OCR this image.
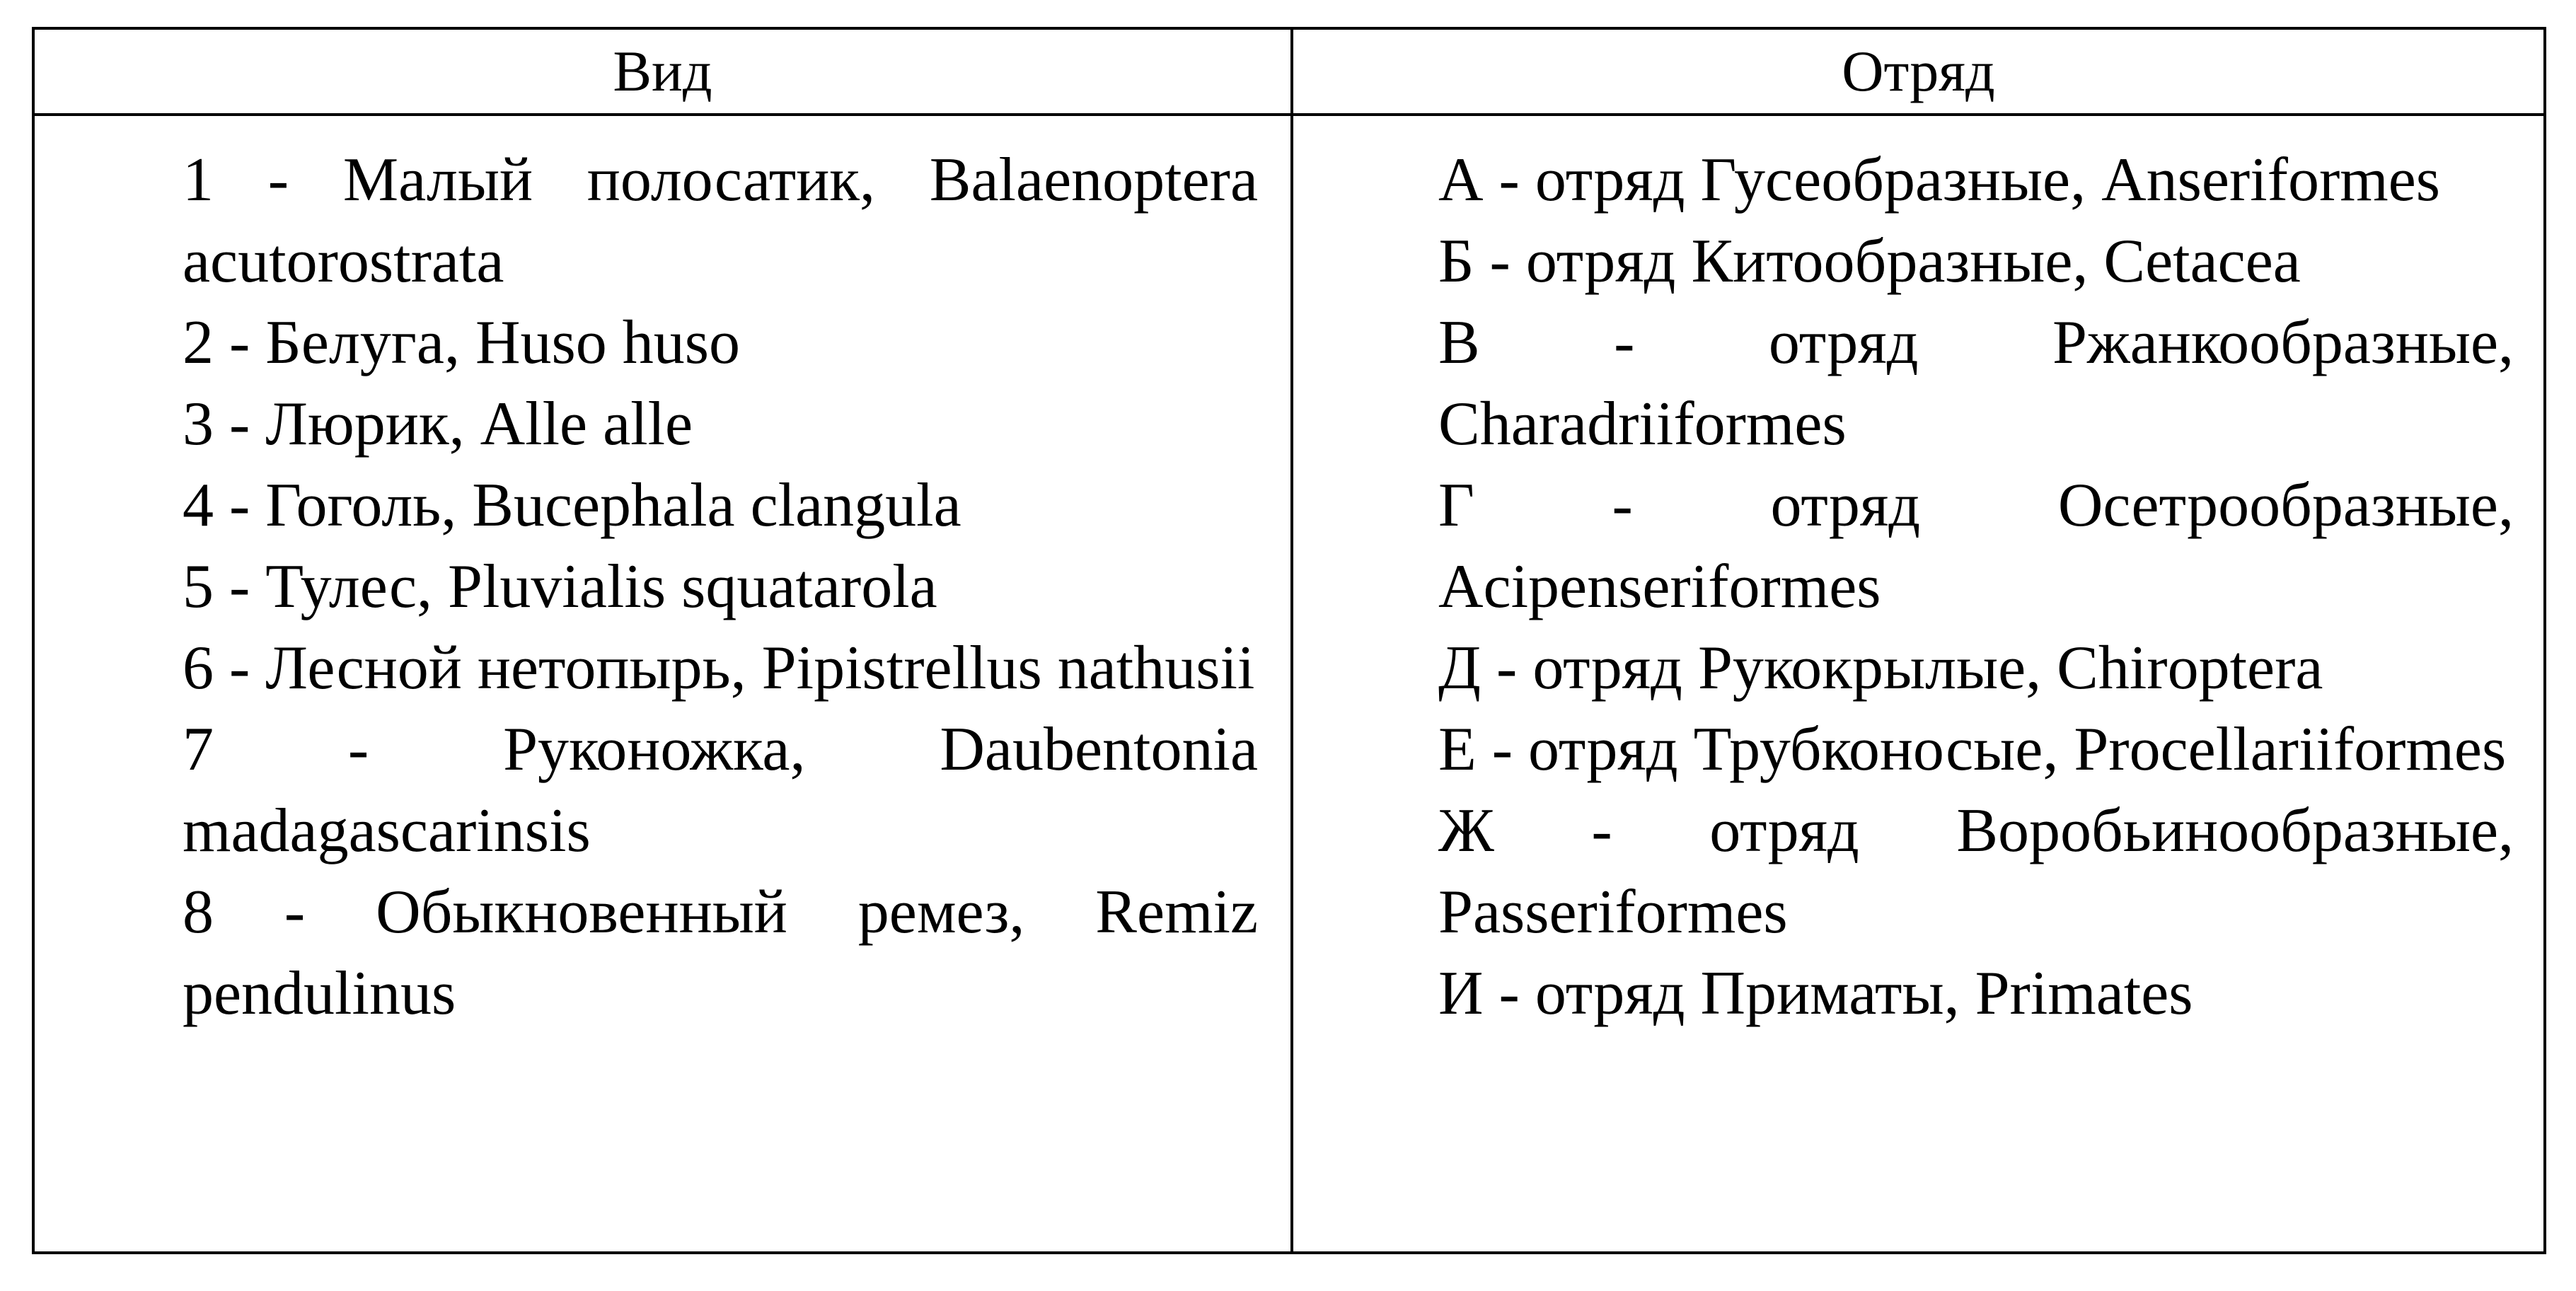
Вид	Отряд
1 - Малый полосатик, Balaenoptera acutorostrata
2 - Белуга, Huso huso
3 - Люрик, Alle alle
4 - Гоголь, Bucephala clangula
5 - Тулес, Pluvialis squatarola
6 - Лесной нетопырь, Pipistrellus nathusii
7 - Руконожка, Daubentonia madagascarinsis
8 - Обыкновенный ремез, Remiz pendulinus
А - отряд Гусеобразные, Anseriformes
Б - отряд Китообразные, Cetacea
В - отряд Ржанкообразные, Charadriiformes
Г - отряд Осетрообразные, Acipenseriformes
Д - отряд Рукокрылые, Chiroptera
Е - отряд Трубконосые, Procellariiformes
Ж - отряд Воробьинообразные, Passeriformes
И - отряд Приматы, Primates
